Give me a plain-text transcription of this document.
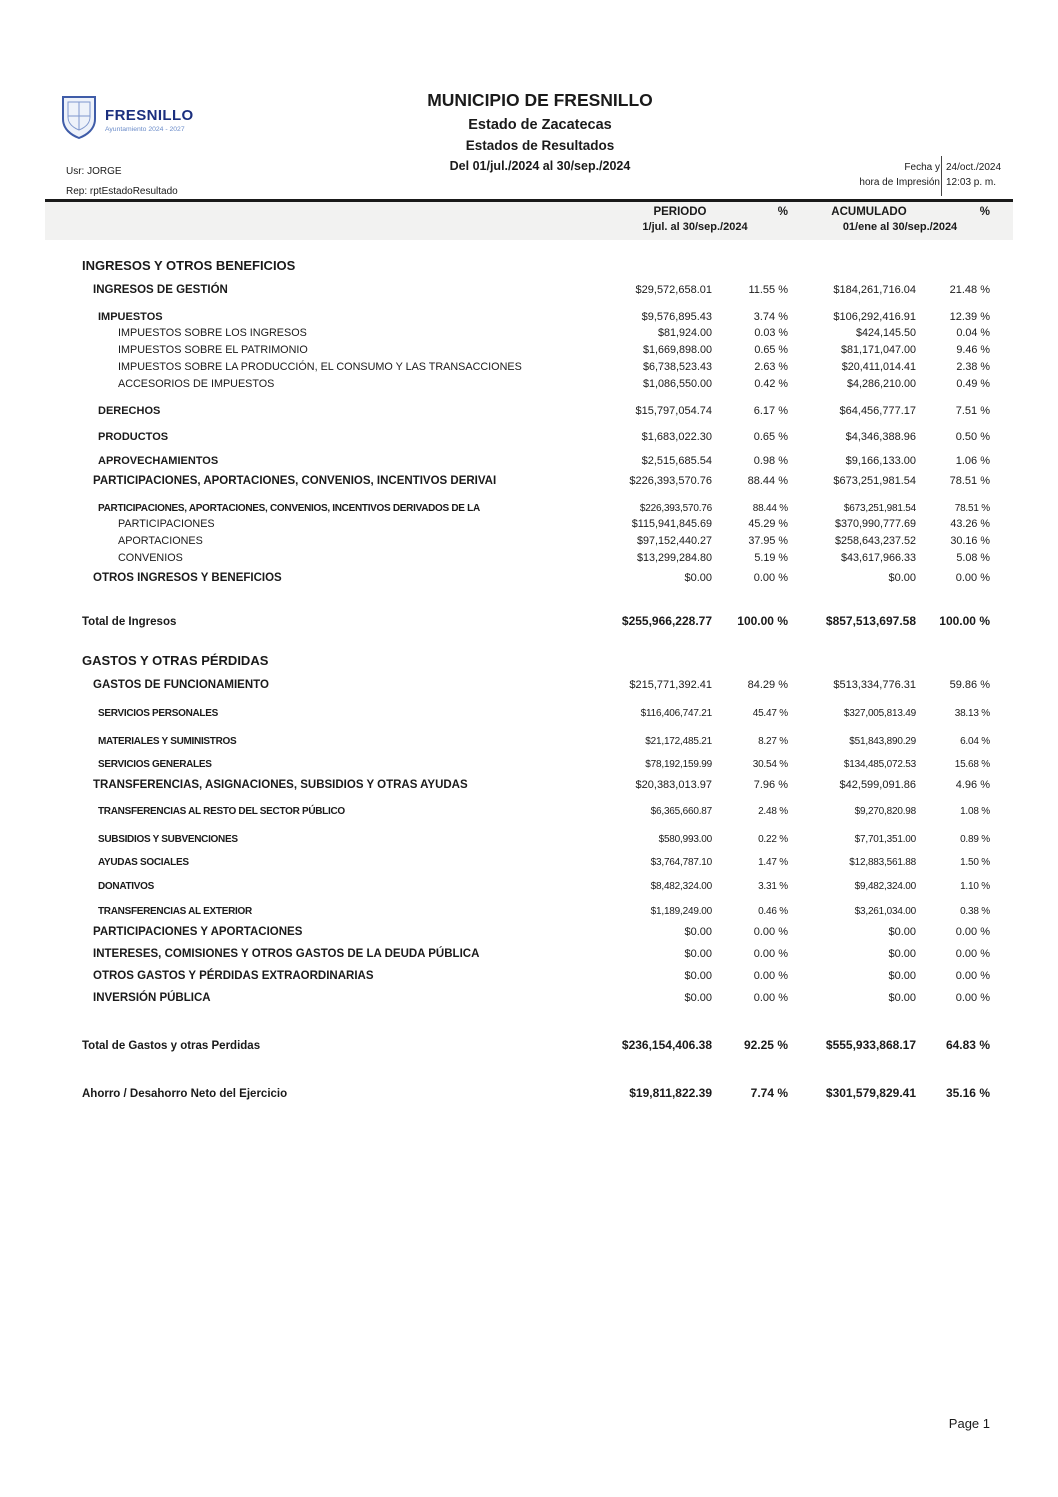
FRESNILLO
Ayuntamiento 2024 - 2027
MUNICIPIO DE FRESNILLO
Estado de Zacatecas
Estados de Resultados
Del 01/jul./2024 al 30/sep./2024
Usr: JORGE
Rep: rptEstadoResultado
Fecha y
hora de Impresión
24/oct./2024
12:03 p. m.
PERIODO	%	ACUMULADO	%
1/jul. al 30/sep./2024	01/ene al 30/sep./2024
INGRESOS Y OTROS BENEFICIOS
INGRESOS DE GESTIÓN	$29,572,658.01	11.55 %	$184,261,716.04	21.48 %
IMPUESTOS	$9,576,895.43	3.74 %	$106,292,416.91	12.39 %
IMPUESTOS SOBRE LOS INGRESOS	$81,924.00	0.03 %	$424,145.50	0.04 %
IMPUESTOS SOBRE EL PATRIMONIO	$1,669,898.00	0.65 %	$81,171,047.00	9.46 %
IMPUESTOS SOBRE LA PRODUCCIÓN, EL CONSUMO Y LAS TRANSACCIONES	$6,738,523.43	2.63 %	$20,411,014.41	2.38 %
ACCESORIOS DE IMPUESTOS	$1,086,550.00	0.42 %	$4,286,210.00	0.49 %
DERECHOS	$15,797,054.74	6.17 %	$64,456,777.17	7.51 %
PRODUCTOS	$1,683,022.30	0.65 %	$4,346,388.96	0.50 %
APROVECHAMIENTOS	$2,515,685.54	0.98 %	$9,166,133.00	1.06 %
PARTICIPACIONES, APORTACIONES, CONVENIOS, INCENTIVOS DERIVAI	$226,393,570.76	88.44 %	$673,251,981.54	78.51 %
PARTICIPACIONES, APORTACIONES, CONVENIOS, INCENTIVOS DERIVADOS DE LA	$226,393,570.76	88.44 %	$673,251,981.54	78.51 %
PARTICIPACIONES	$115,941,845.69	45.29 %	$370,990,777.69	43.26 %
APORTACIONES	$97,152,440.27	37.95 %	$258,643,237.52	30.16 %
CONVENIOS	$13,299,284.80	5.19 %	$43,617,966.33	5.08 %
OTROS INGRESOS Y BENEFICIOS	$0.00	0.00 %	$0.00	0.00 %
Total de Ingresos	$255,966,228.77	100.00 %	$857,513,697.58	100.00 %
GASTOS Y OTRAS PÉRDIDAS
GASTOS DE FUNCIONAMIENTO	$215,771,392.41	84.29 %	$513,334,776.31	59.86 %
SERVICIOS PERSONALES	$116,406,747.21	45.47 %	$327,005,813.49	38.13 %
MATERIALES Y SUMINISTROS	$21,172,485.21	8.27 %	$51,843,890.29	6.04 %
SERVICIOS GENERALES	$78,192,159.99	30.54 %	$134,485,072.53	15.68 %
TRANSFERENCIAS, ASIGNACIONES, SUBSIDIOS Y OTRAS AYUDAS	$20,383,013.97	7.96 %	$42,599,091.86	4.96 %
TRANSFERENCIAS AL RESTO DEL SECTOR PÚBLICO	$6,365,660.87	2.48 %	$9,270,820.98	1.08 %
SUBSIDIOS Y SUBVENCIONES	$580,993.00	0.22 %	$7,701,351.00	0.89 %
AYUDAS SOCIALES	$3,764,787.10	1.47 %	$12,883,561.88	1.50 %
DONATIVOS	$8,482,324.00	3.31 %	$9,482,324.00	1.10 %
TRANSFERENCIAS AL EXTERIOR	$1,189,249.00	0.46 %	$3,261,034.00	0.38 %
PARTICIPACIONES Y APORTACIONES	$0.00	0.00 %	$0.00	0.00 %
INTERESES, COMISIONES Y OTROS GASTOS DE LA DEUDA PÚBLICA	$0.00	0.00 %	$0.00	0.00 %
OTROS GASTOS Y PÉRDIDAS EXTRAORDINARIAS	$0.00	0.00 %	$0.00	0.00 %
INVERSIÓN PÚBLICA	$0.00	0.00 %	$0.00	0.00 %
Total de Gastos y otras Perdidas	$236,154,406.38	92.25 %	$555,933,868.17	64.83 %
Ahorro / Desahorro Neto del Ejercicio	$19,811,822.39	7.74 %	$301,579,829.41	35.16 %
Page 1
